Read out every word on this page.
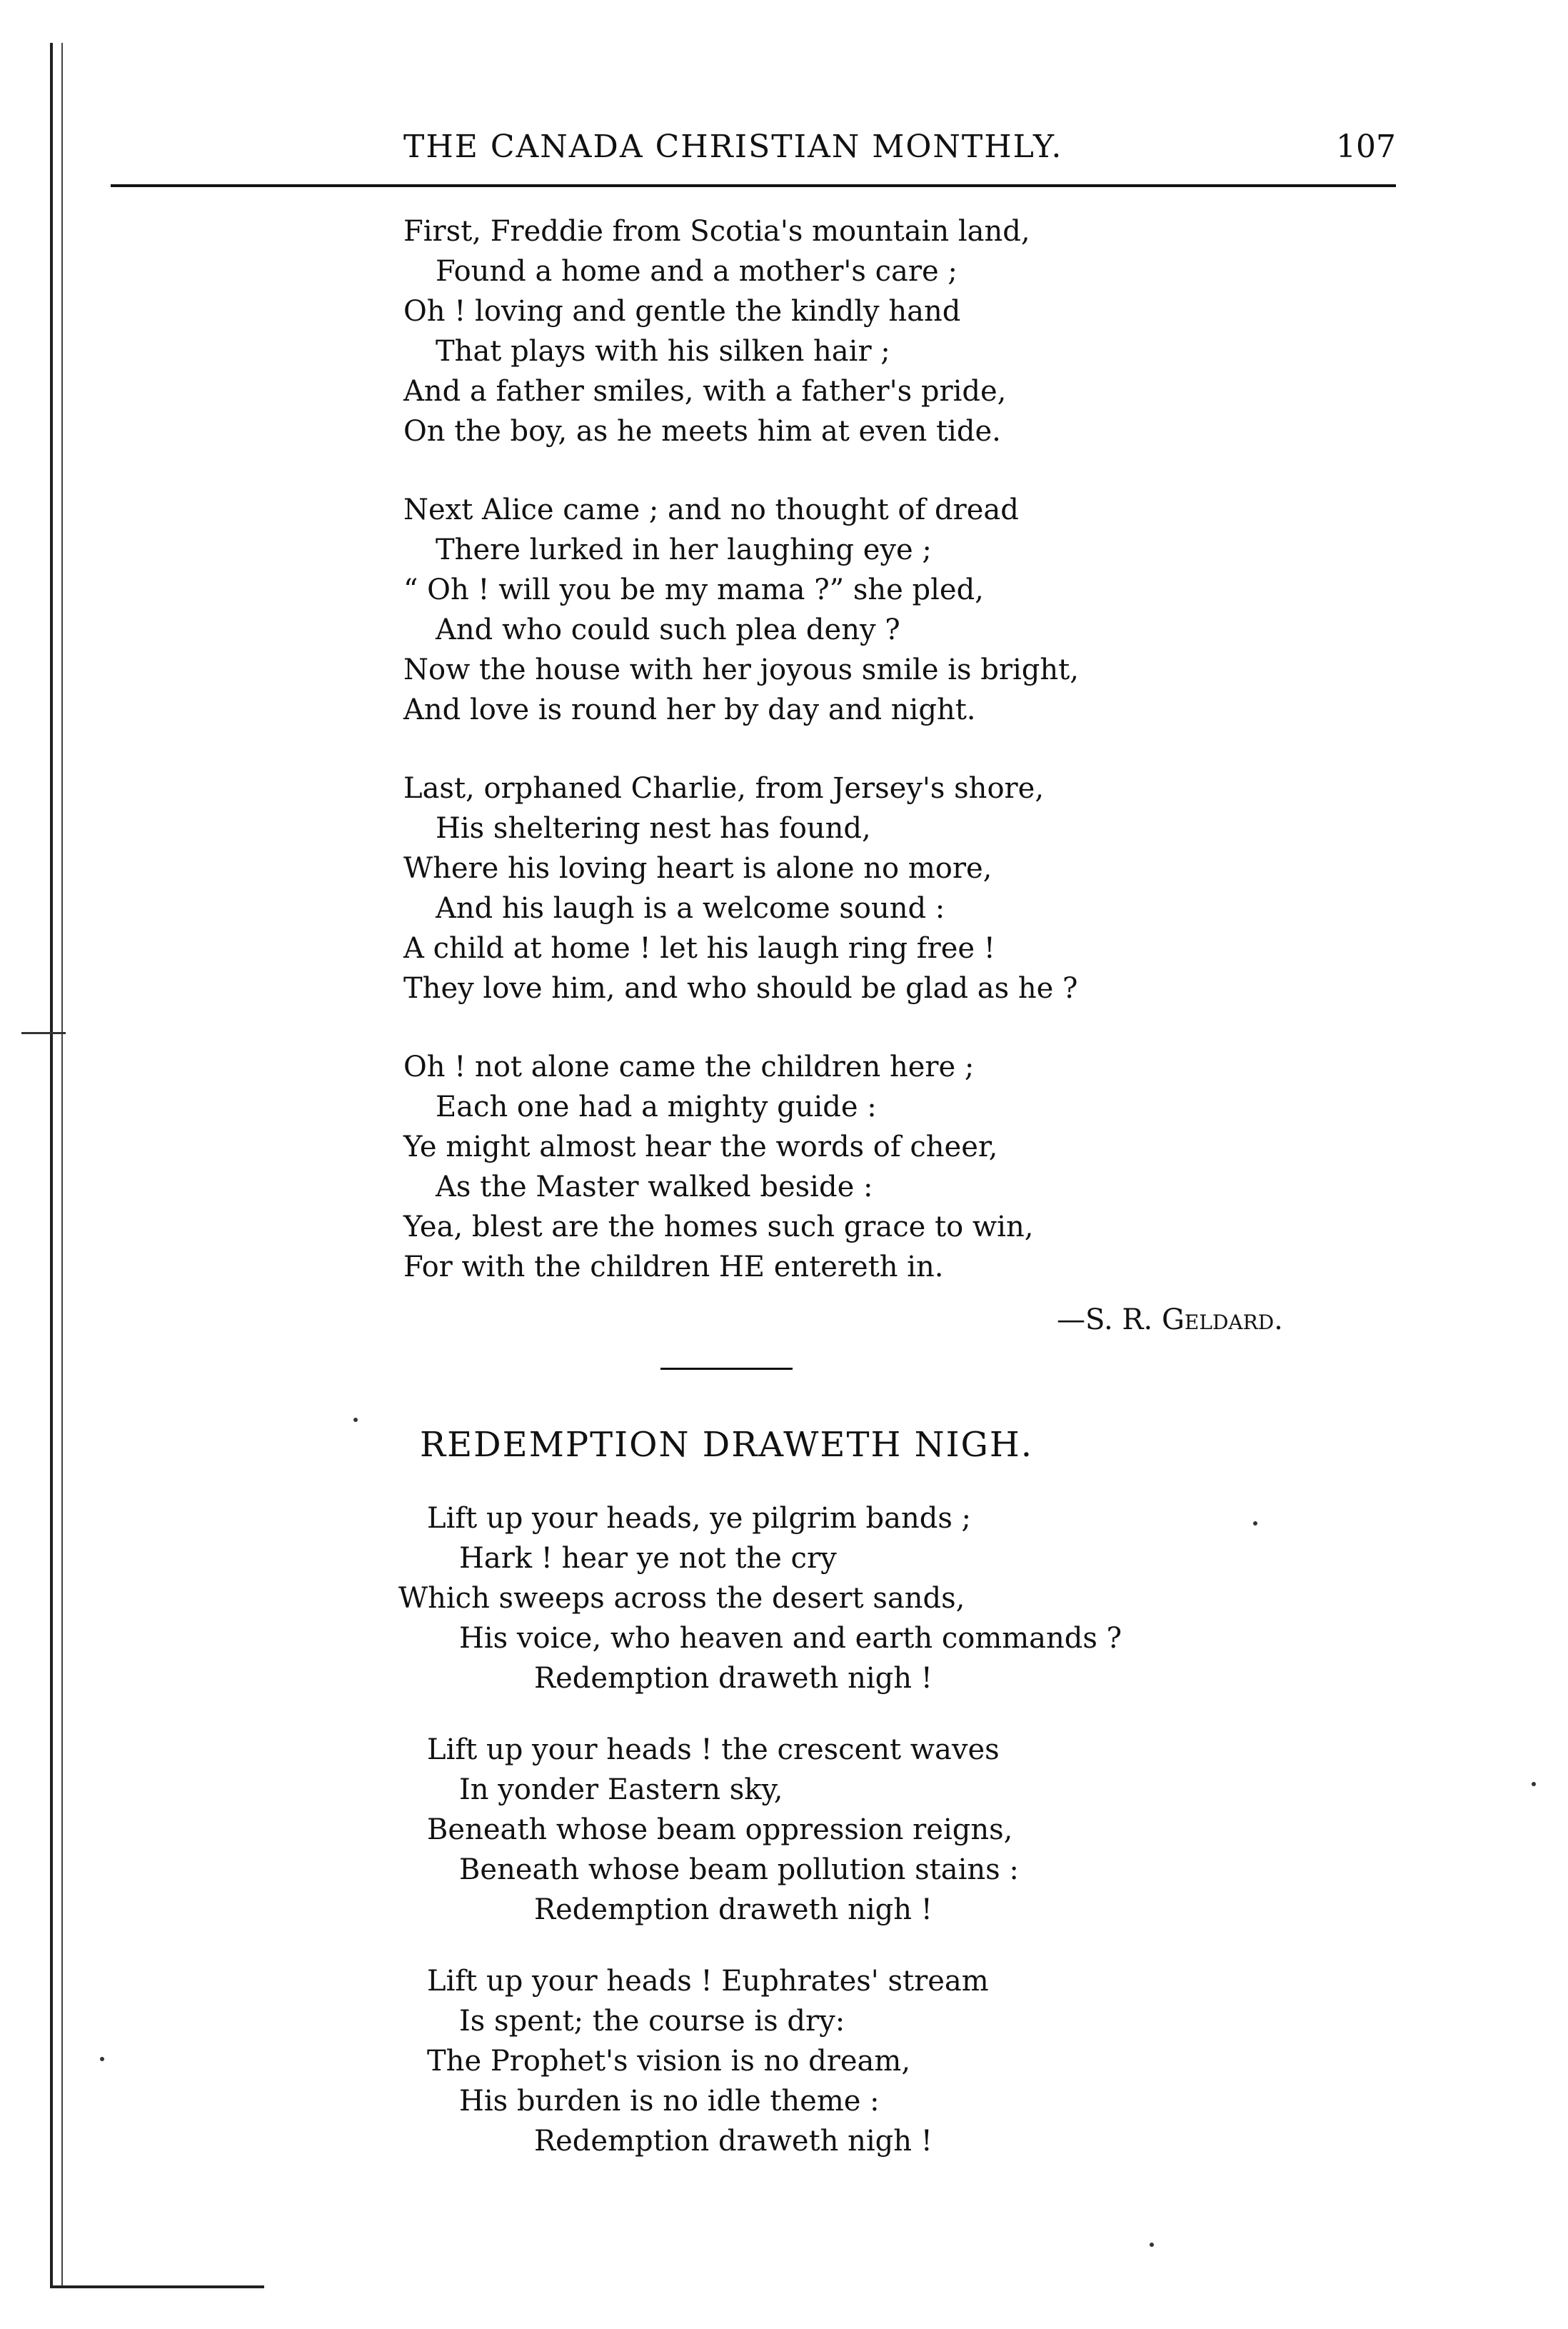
THE CANADA CHRISTIAN MONTHLY.	107
First, Freddie from Scotia's mountain land,
Found a home and a mother's care ;
Oh ! loving and gentle the kindly hand
That plays with his silken hair ;
And a father smiles, with a father's pride,
On the boy, as he meets him at even tide.
Next Alice came ; and no thought of dread
There lurked in her laughing eye ;
“ Oh ! will you be my mama ?” she pled,
And who could such plea deny ?
Now the house with her joyous smile is bright,
And love is round her by day and night.
Last, orphaned Charlie, from Jersey's shore,
His sheltering nest has found,
Where his loving heart is alone no more,
And his laugh is a welcome sound :
A child at home ! let his laugh ring free !
They love him, and who should be glad as he ?
Oh ! not alone came the children here ;
Each one had a mighty guide :
Ye might almost hear the words of cheer,
As the Master walked beside :
Yea, blest are the homes such grace to win,
For with the children HE entereth in.
—S. R. Geldard.
REDEMPTION DRAWETH NIGH.
Lift up your heads, ye pilgrim bands ;
Hark ! hear ye not the cry
Which sweeps across the desert sands,
His voice, who heaven and earth commands ?
Redemption draweth nigh !
Lift up your heads ! the crescent waves
In yonder Eastern sky,
Beneath whose beam oppression reigns,
Beneath whose beam pollution stains :
Redemption draweth nigh !
Lift up your heads ! Euphrates' stream
Is spent; the course is dry:
The Prophet's vision is no dream,
His burden is no idle theme :
Redemption draweth nigh !
